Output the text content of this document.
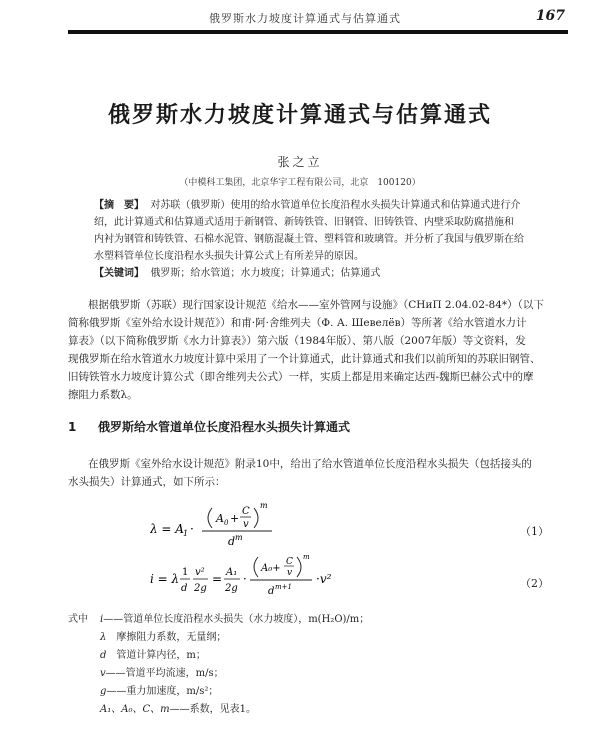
俄罗斯水力坡度计算通式与估算通式	167
俄罗斯水力坡度计算通式与估算通式
张之立
（中模科工集团，北京华宇工程有限公司，北京　100120）
【摘　要】 对苏联（俄罗斯）使用的给水管道单位长度沿程水头损失计算通式和估算通式进行介
绍，此计算通式和估算通式适用于新钢管、新铸铁管、旧钢管、旧铸铁管、内壁采取防腐措施和
内衬为钢管和铸铁管、石棉水泥管、钢筋混凝土管、塑料管和玻璃管。并分析了我国与俄罗斯在给
水塑料管单位长度沿程水头损失计算公式上有所差异的原因。
【关键词】 俄罗斯；给水管道；水力坡度；计算通式；估算通式
根据俄罗斯（苏联）现行国家设计规范《给水——室外管网与设施》（СНиП 2.04.02-84*）（以下
简称俄罗斯《室外给水设计规范》）和甫·阿·舍维列夫（Ф. А. Шевелёв）等所著《给水管道水力计
算表》（以下简称俄罗斯《水力计算表》）第六版（1984年版）、第八版（2007年版）等文资料，发
现俄罗斯在给水管道水力坡度计算中采用了一个计算通式，此计算通式和我们以前所知的苏联旧钢管、
旧铸铁管水力坡度计算公式（即舍维列夫公式）一样，实质上都是用来确定达西-魏斯巴赫公式中的摩
擦阻力系数λ。
1 俄罗斯给水管道单位长度沿程水头损失计算通式
在俄罗斯《室外给水设计规范》附录10中，给出了给水管道单位长度沿程水头损失（包括接头的
水头损失）计算通式，如下所示：
λ = A 1 ·
A 0 +
C
v
m
d m	（1）
i = λ 1
d
v²
2g
= A₁
2g
·
A₀+
C
v
m
d m+1
·v²	（2）
式中 i——管道单位长度沿程水头损失（水力坡度），m(H₂O)/m；
λ　摩擦阻力系数，无量纲；
d　管道计算内径，m；
v——管道平均流速，m/s；
g——重力加速度，m/s²；
A₁、A₀、C、m——系数，见表1。
